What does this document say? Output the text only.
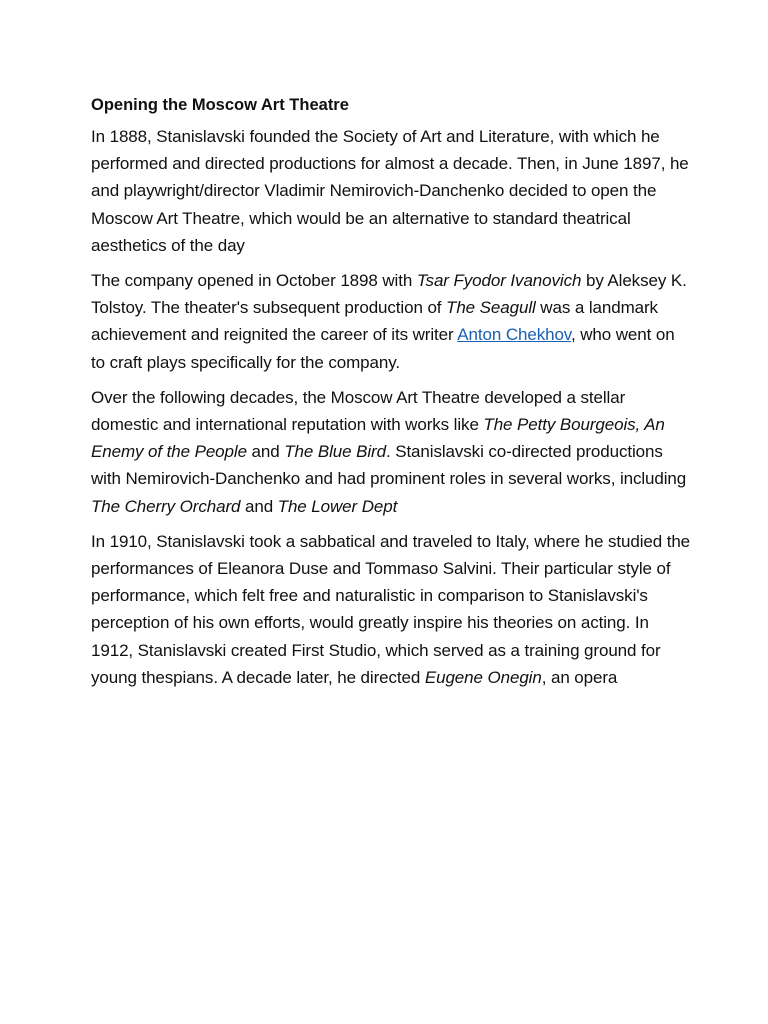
Opening the Moscow Art Theatre

In 1888, Stanislavski founded the Society of Art and Literature, with which he performed and directed productions for almost a decade. Then, in June 1897, he and playwright/director Vladimir Nemirovich-Danchenko decided to open the Moscow Art Theatre, which would be an alternative to standard theatrical aesthetics of the day

The company opened in October 1898 with Tsar Fyodor Ivanovich by Aleksey K. Tolstoy. The theater's subsequent production of The Seagull was a landmark achievement and reignited the career of its writer Anton Chekhov, who went on to craft plays specifically for the company.

Over the following decades, the Moscow Art Theatre developed a stellar domestic and international reputation with works like The Petty Bourgeois, An Enemy of the People and The Blue Bird. Stanislavski co-directed productions with Nemirovich-Danchenko and had prominent roles in several works, including The Cherry Orchard and The Lower Dept

In 1910, Stanislavski took a sabbatical and traveled to Italy, where he studied the performances of Eleanora Duse and Tommaso Salvini. Their particular style of performance, which felt free and naturalistic in comparison to Stanislavski's perception of his own efforts, would greatly inspire his theories on acting. In 1912, Stanislavski created First Studio, which served as a training ground for young thespians. A decade later, he directed Eugene Onegin, an opera
